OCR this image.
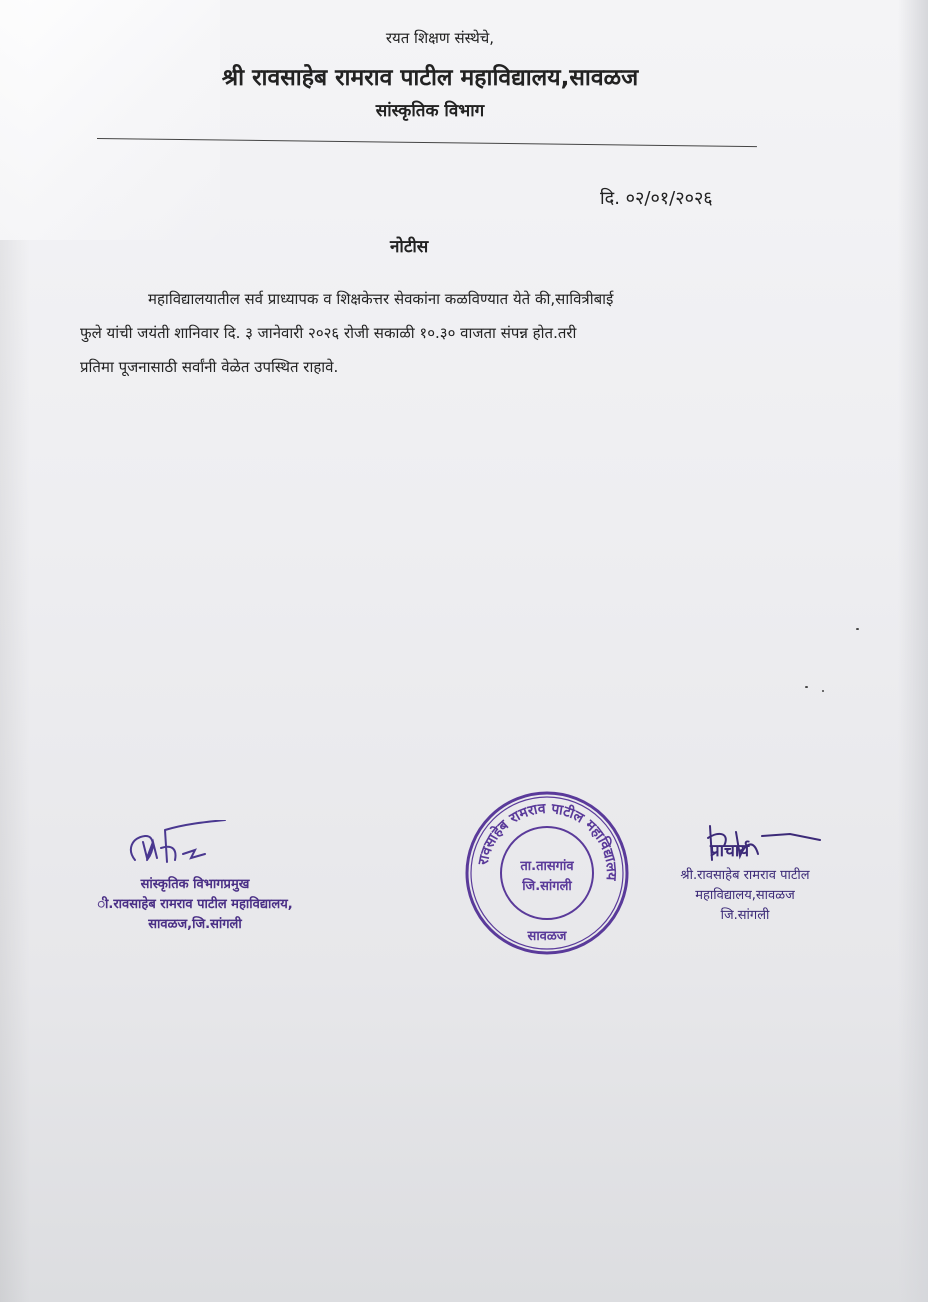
रयत शिक्षण संस्थेचे,
श्री रावसाहेब रामराव पाटील महाविद्यालय,सावळज
सांस्कृतिक विभाग
दि. ०२/०१/२०२६
नोटीस

महाविद्यालयातील सर्व प्राध्यापक व शिक्षकेत्तर सेवकांना कळविण्यात येते की,सावित्रीबाई

फुले यांची जयंती शानिवार दि. ३ जानेवारी २०२६ रोजी सकाळी १०.३० वाजता संपन्न होत.तरी

प्रतिमा पूजनासाठी सर्वांनी वेळेत उपस्थित राहावे.

सांस्कृतिक विभागप्रमुख
ी.रावसाहेब रामराव पाटील महाविद्यालय,
सावळज,जि.सांगली
रावसाहेब रामराव पाटील महाविद्यालय
ता.तासगांव
जि.सांगली
सावळज
प्राचार्य
श्री.रावसाहेब रामराव पाटील
महाविद्यालय,सावळज
जि.सांगली
